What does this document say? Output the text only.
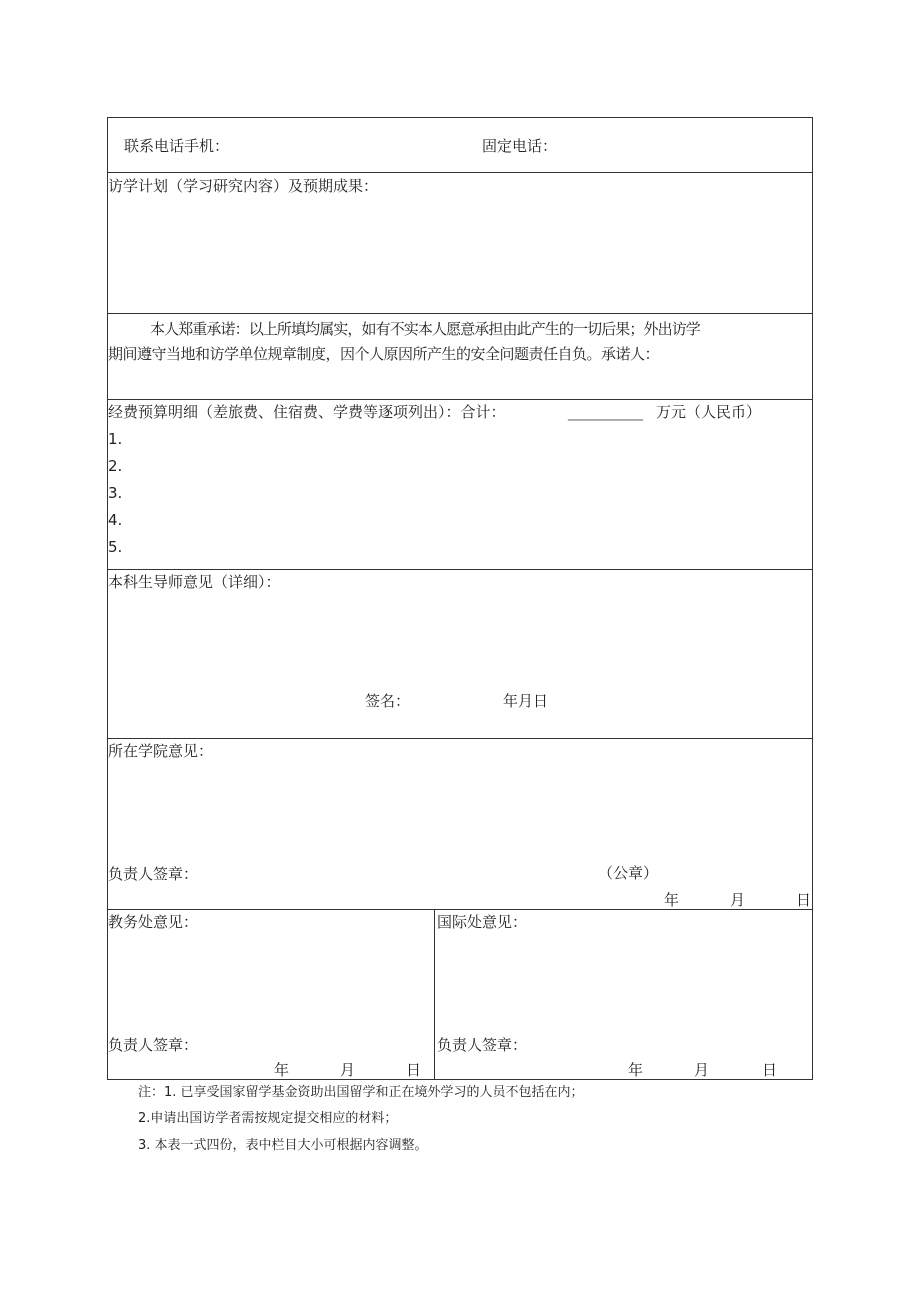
联系电话手机：	固定电话：
访学计划（学习研究内容）及预期成果：
本人郑重承诺：以上所填均属实，如有不实本人愿意承担由此产生的一切后果；外出访学
期间遵守当地和访学单位规章制度，因个人原因所产生的安全问题责任自负。承诺人：
经费预算明细（差旅费、住宿费、学费等逐项列出）：合计：	__________ 万元（人民币）
1.
2.
3.
4.
5.
本科生导师意见（详细）：
签名：	年月日
所在学院意见：
负责人签章：	（公章）
年	月	日
教务处意见：
负责人签章：
年	月	日
国际处意见：
负责人签章：
年	月	日
注：1. 已享受国家留学基金资助出国留学和正在境外学习的人员不包括在内；
2.申请出国访学者需按规定提交相应的材料；
3. 本表一式四份，表中栏目大小可根据内容调整。
